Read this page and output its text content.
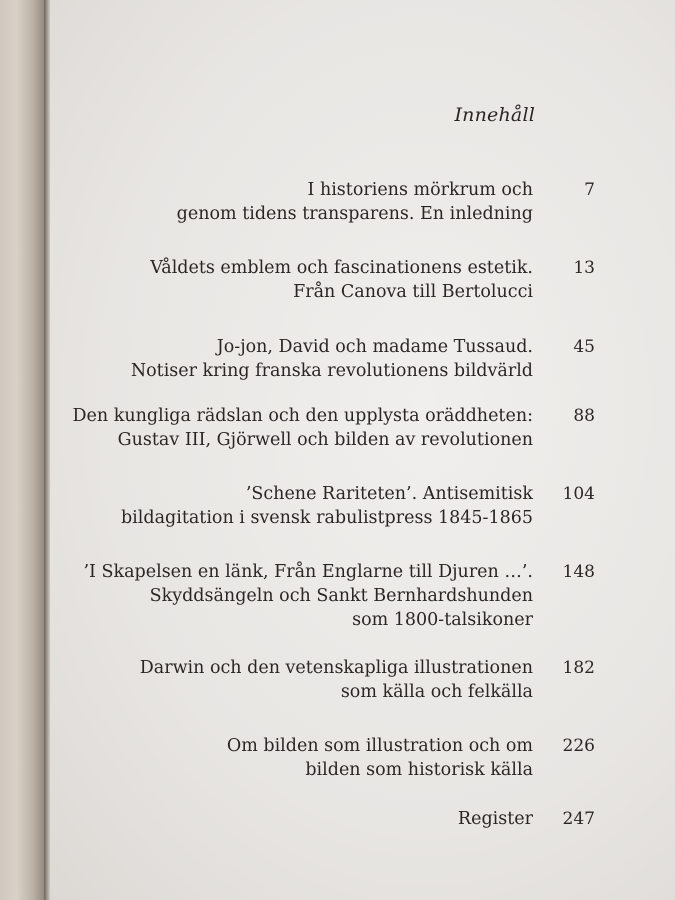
Innehåll
I historiens mörkrum och
genom tidens transparens. En inledning
7
Våldets emblem och fascinationens estetik.
Från Canova till Bertolucci
13
Jo-jon, David och madame Tussaud.
Notiser kring franska revolutionens bildvärld
45
Den kungliga rädslan och den upplysta oräddheten:
Gustav III, Gjörwell och bilden av revolutionen
88
’Schene Rariteten’. Antisemitisk
bildagitation i svensk rabulistpress 1845-1865
104
’I Skapelsen en länk, Från Englarne till Djuren …’.
Skyddsängeln och Sankt Bernhardshunden
som 1800-talsikoner
148
Darwin och den vetenskapliga illustrationen
som källa och felkälla
182
Om bilden som illustration och om
bilden som historisk källa
226
Register 247
